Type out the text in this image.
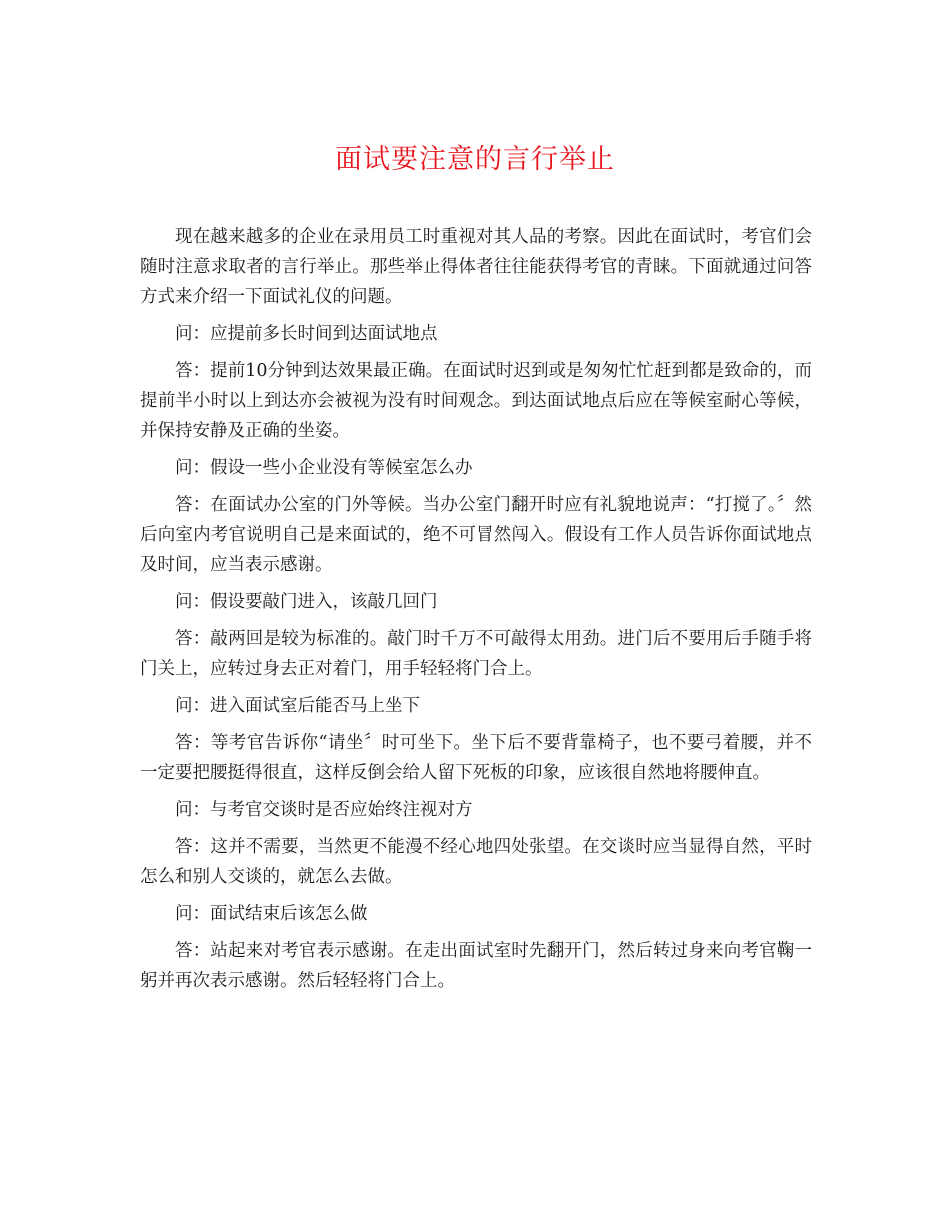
面试要注意的言行举止

现在越来越多的企业在录用员工时重视对其人品的考察。因此在面试时，考官们会随时注意求取者的言行举止。那些举止得体者往往能获得考官的青睐。下面就通过问答方式来介绍一下面试礼仪的问题。

问：应提前多长时间到达面试地点

答：提前10分钟到达效果最正确。在面试时迟到或是匆匆忙忙赶到都是致命的，而提前半小时以上到达亦会被视为没有时间观念。到达面试地点后应在等候室耐心等候，并保持安静及正确的坐姿。

问：假设一些小企业没有等候室怎么办

答：在面试办公室的门外等候。当办公室门翻开时应有礼貌地说声：“打搅了。〞然后向室内考官说明自己是来面试的，绝不可冒然闯入。假设有工作人员告诉你面试地点及时间，应当表示感谢。

问：假设要敲门进入，该敲几回门

答：敲两回是较为标准的。敲门时千万不可敲得太用劲。进门后不要用后手随手将门关上，应转过身去正对着门，用手轻轻将门合上。

问：进入面试室后能否马上坐下

答：等考官告诉你“请坐〞时可坐下。坐下后不要背靠椅子，也不要弓着腰，并不一定要把腰挺得很直，这样反倒会给人留下死板的印象，应该很自然地将腰伸直。

问：与考官交谈时是否应始终注视对方

答：这并不需要，当然更不能漫不经心地四处张望。在交谈时应当显得自然，平时怎么和别人交谈的，就怎么去做。

问：面试结束后该怎么做

答：站起来对考官表示感谢。在走出面试室时先翻开门，然后转过身来向考官鞠一躬并再次表示感谢。然后轻轻将门合上。
